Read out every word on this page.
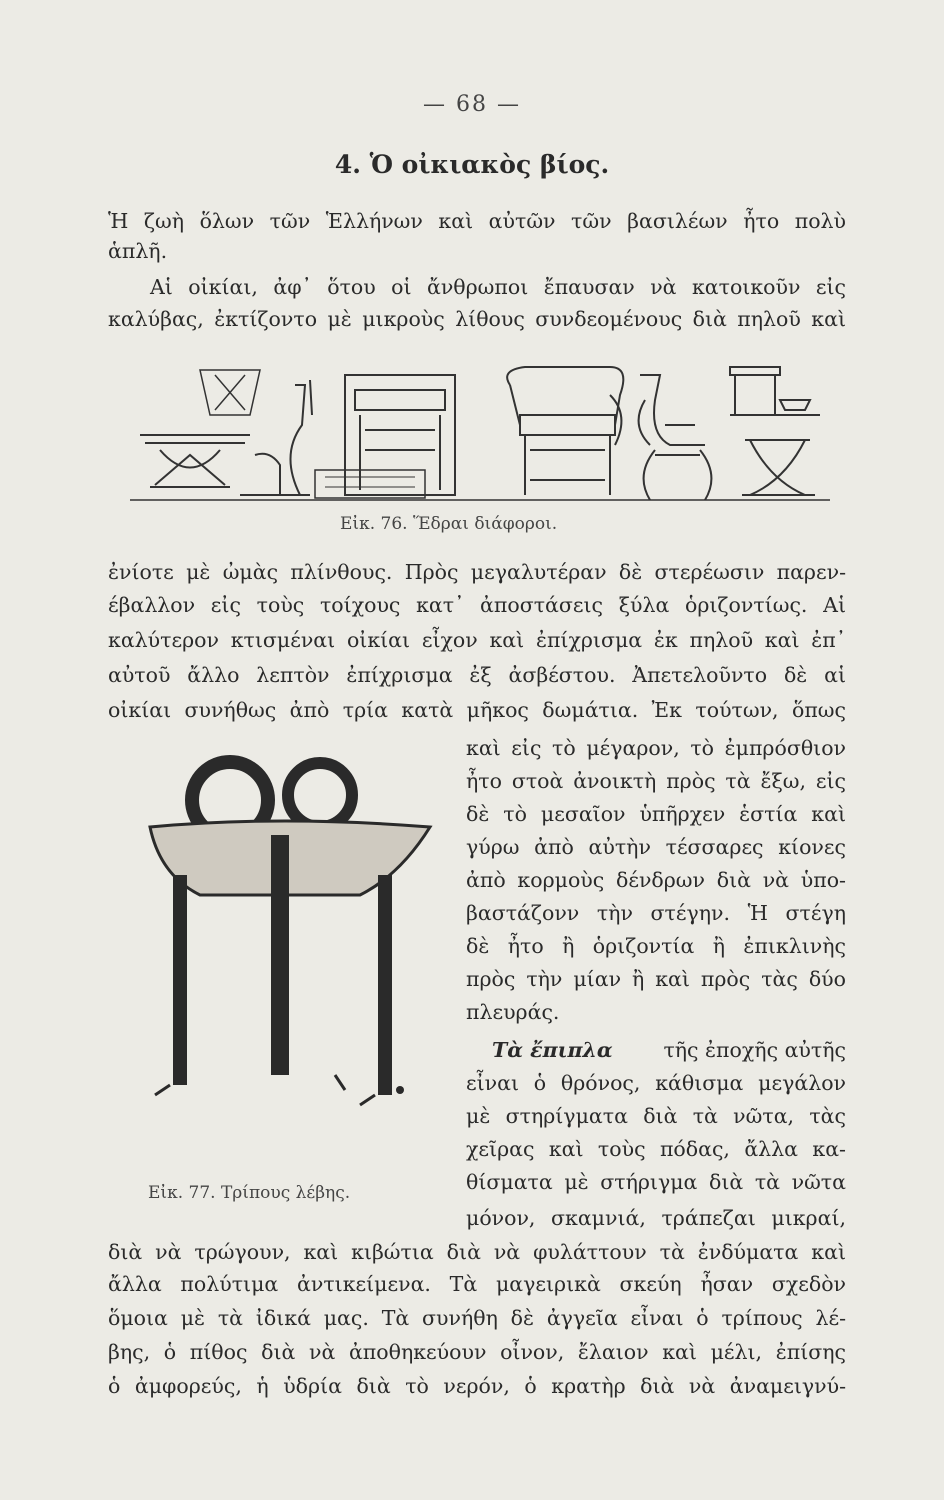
— 68 —
4. Ὁ οἰκιακὸς βίος.
Ἡ ζωὴ ὅλων τῶν Ἑλλήνων καὶ αὐτῶν τῶν βασιλέων ἦτο πολὺ
ἁπλῆ.
Αἱ οἰκίαι, ἀφ᾽ ὅτου οἱ ἄνθρωποι ἔπαυσαν νὰ κατοικοῦν εἰς
καλύβας, ἐκτίζοντο μὲ μικροὺς λίθους συνδεομένους διὰ πηλοῦ καὶ
Εἰκ. 76. Ἕδραι διάφοροι.
ἐνίοτε μὲ ὠμὰς πλίνθους. Πρὸς μεγαλυτέραν δὲ στερέωσιν παρεν-
έβαλλον εἰς τοὺς τοίχους κατ᾽ ἀποστάσεις ξύλα ὁριζοντίως. Αἱ
καλύτερον κτισμέναι οἰκίαι εἶχον καὶ ἐπίχρισμα ἐκ πηλοῦ καὶ ἐπ᾽
αὐτοῦ ἄλλο λεπτὸν ἐπίχρισμα ἐξ ἀσβέστου. Ἀπετελοῦντο δὲ αἱ
οἰκίαι συνήθως ἀπὸ τρία κατὰ μῆκος δωμάτια. Ἐκ τούτων, ὅπως
Εἰκ. 77. Τρίπους λέβης.
καὶ εἰς τὸ μέγαρον, τὸ ἐμπρόσθιον
ἦτο στοὰ ἀνοικτὴ πρὸς τὰ ἔξω, εἰς
δὲ τὸ μεσαῖον ὑπῆρχεν ἑστία καὶ
γύρω ἀπὸ αὐτὴν τέσσαρες κίονες
ἀπὸ κορμοὺς δένδρων διὰ νὰ ὑπο-
βαστάζονν τὴν στέγην. Ἡ στέγη
δὲ ἦτο ἢ ὁριζοντία ἢ ἐπικλινὴς
πρὸς τὴν μίαν ἢ καὶ πρὸς τὰς δύο
πλευράς.
Τὰ ἔπιπλα τῆς ἐποχῆς αὐτῆς
εἶναι ὁ θρόνος, κάθισμα μεγάλον
μὲ στηρίγματα διὰ τὰ νῶτα, τὰς
χεῖρας καὶ τοὺς πόδας, ἄλλα κα-
θίσματα μὲ στήριγμα διὰ τὰ νῶτα
μόνον, σκαμνιά, τράπεζαι μικραί,
διὰ νὰ τρώγουν, καὶ κιβώτια διὰ νὰ φυλάττουν τὰ ἐνδύματα καὶ
ἄλλα πολύτιμα ἀντικείμενα. Τὰ μαγειρικὰ σκεύη ἦσαν σχεδὸν
ὅμοια μὲ τὰ ἰδικά μας. Τὰ συνήθη δὲ ἀγγεῖα εἶναι ὁ τρίπους λέ-
βης, ὁ πίθος διὰ νὰ ἀποθηκεύουν οἶνον, ἔλαιον καὶ μέλι, ἐπίσης
ὁ ἀμφορεύς, ἡ ὑδρία διὰ τὸ νερόν, ὁ κρατὴρ διὰ νὰ ἀναμειγνύ-
